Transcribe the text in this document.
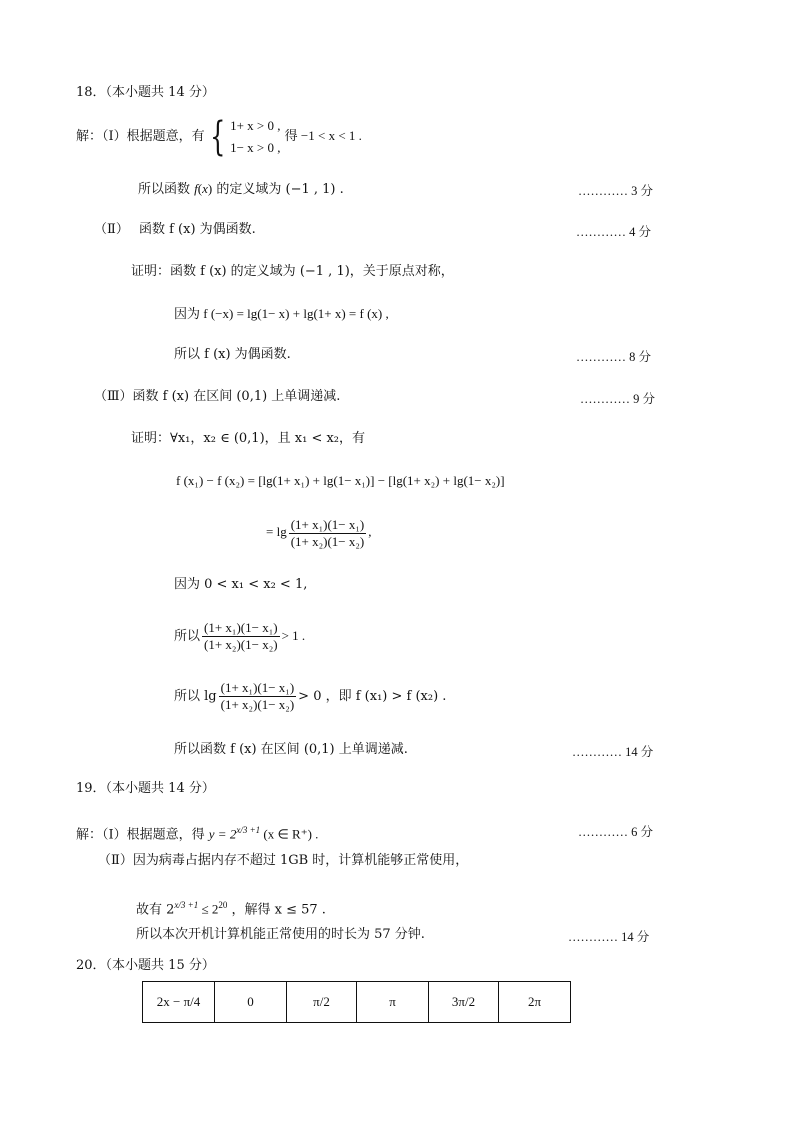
18．（本小题共 14 分）
解：（Ⅰ）根据题意，有 { 1+ x > 0 ,
1− x > 0 ,
得 −1 < x < 1 .
所以函数 f(x) 的定义域为 (−1 , 1) .	………… 3 分
（Ⅱ） 函数 f (x) 为偶函数.	………… 4 分
证明：函数 f (x) 的定义域为 (−1 , 1)，关于原点对称，
因为 f (−x) = lg(1− x) + lg(1+ x) = f (x) ,
所以 f (x) 为偶函数.	………… 8 分
（Ⅲ）函数 f (x) 在区间 (0,1) 上单调递减.	………… 9 分
证明：∀x₁，x₂ ∈ (0,1)，且 x₁ < x₂，有
f (x₁) − f (x₂) = [lg(1+ x₁) + lg(1− x₁)] − [lg(1+ x₂) + lg(1− x₂)]
= $\lg \frac{\text{(1+ x₁)(1− x₁)}}{\text{(1+ x₂)(1− x₂)}}$ ,
因为 0 < x₁ < x₂ < 1,
所以 $\frac{\text{(1+ x₁)(1− x₁)}}{\text{(1+ x₂)(1− x₂)}} > 1$ .
所以 $\lg \frac{\text{(1+ x₁)(1− x₁)}}{\text{(1+ x₂)(1− x₂)}} > 0$ ，即 f (x₁) > f (x₂) .
所以函数 f (x) 在区间 (0,1) 上单调递减.	………… 14 分
19．（本小题共 14 分）
解：（Ⅰ）根据题意，得 $y = 2^{x/3 +1}$ (x ∈ R⁺) .	………… 6 分
（Ⅱ）因为病毒占据内存不超过 1GB 时，计算机能够正常使用，
故有 $2^{x/3 +1} \le 2^{20}$ ，解得 x ≤ 57 .
所以本次开机计算机能正常使用的时长为 57 分钟.	………… 14 分
20．（本小题共 15 分）
2x − π/4	0	π/2	π	3π/2	2π
